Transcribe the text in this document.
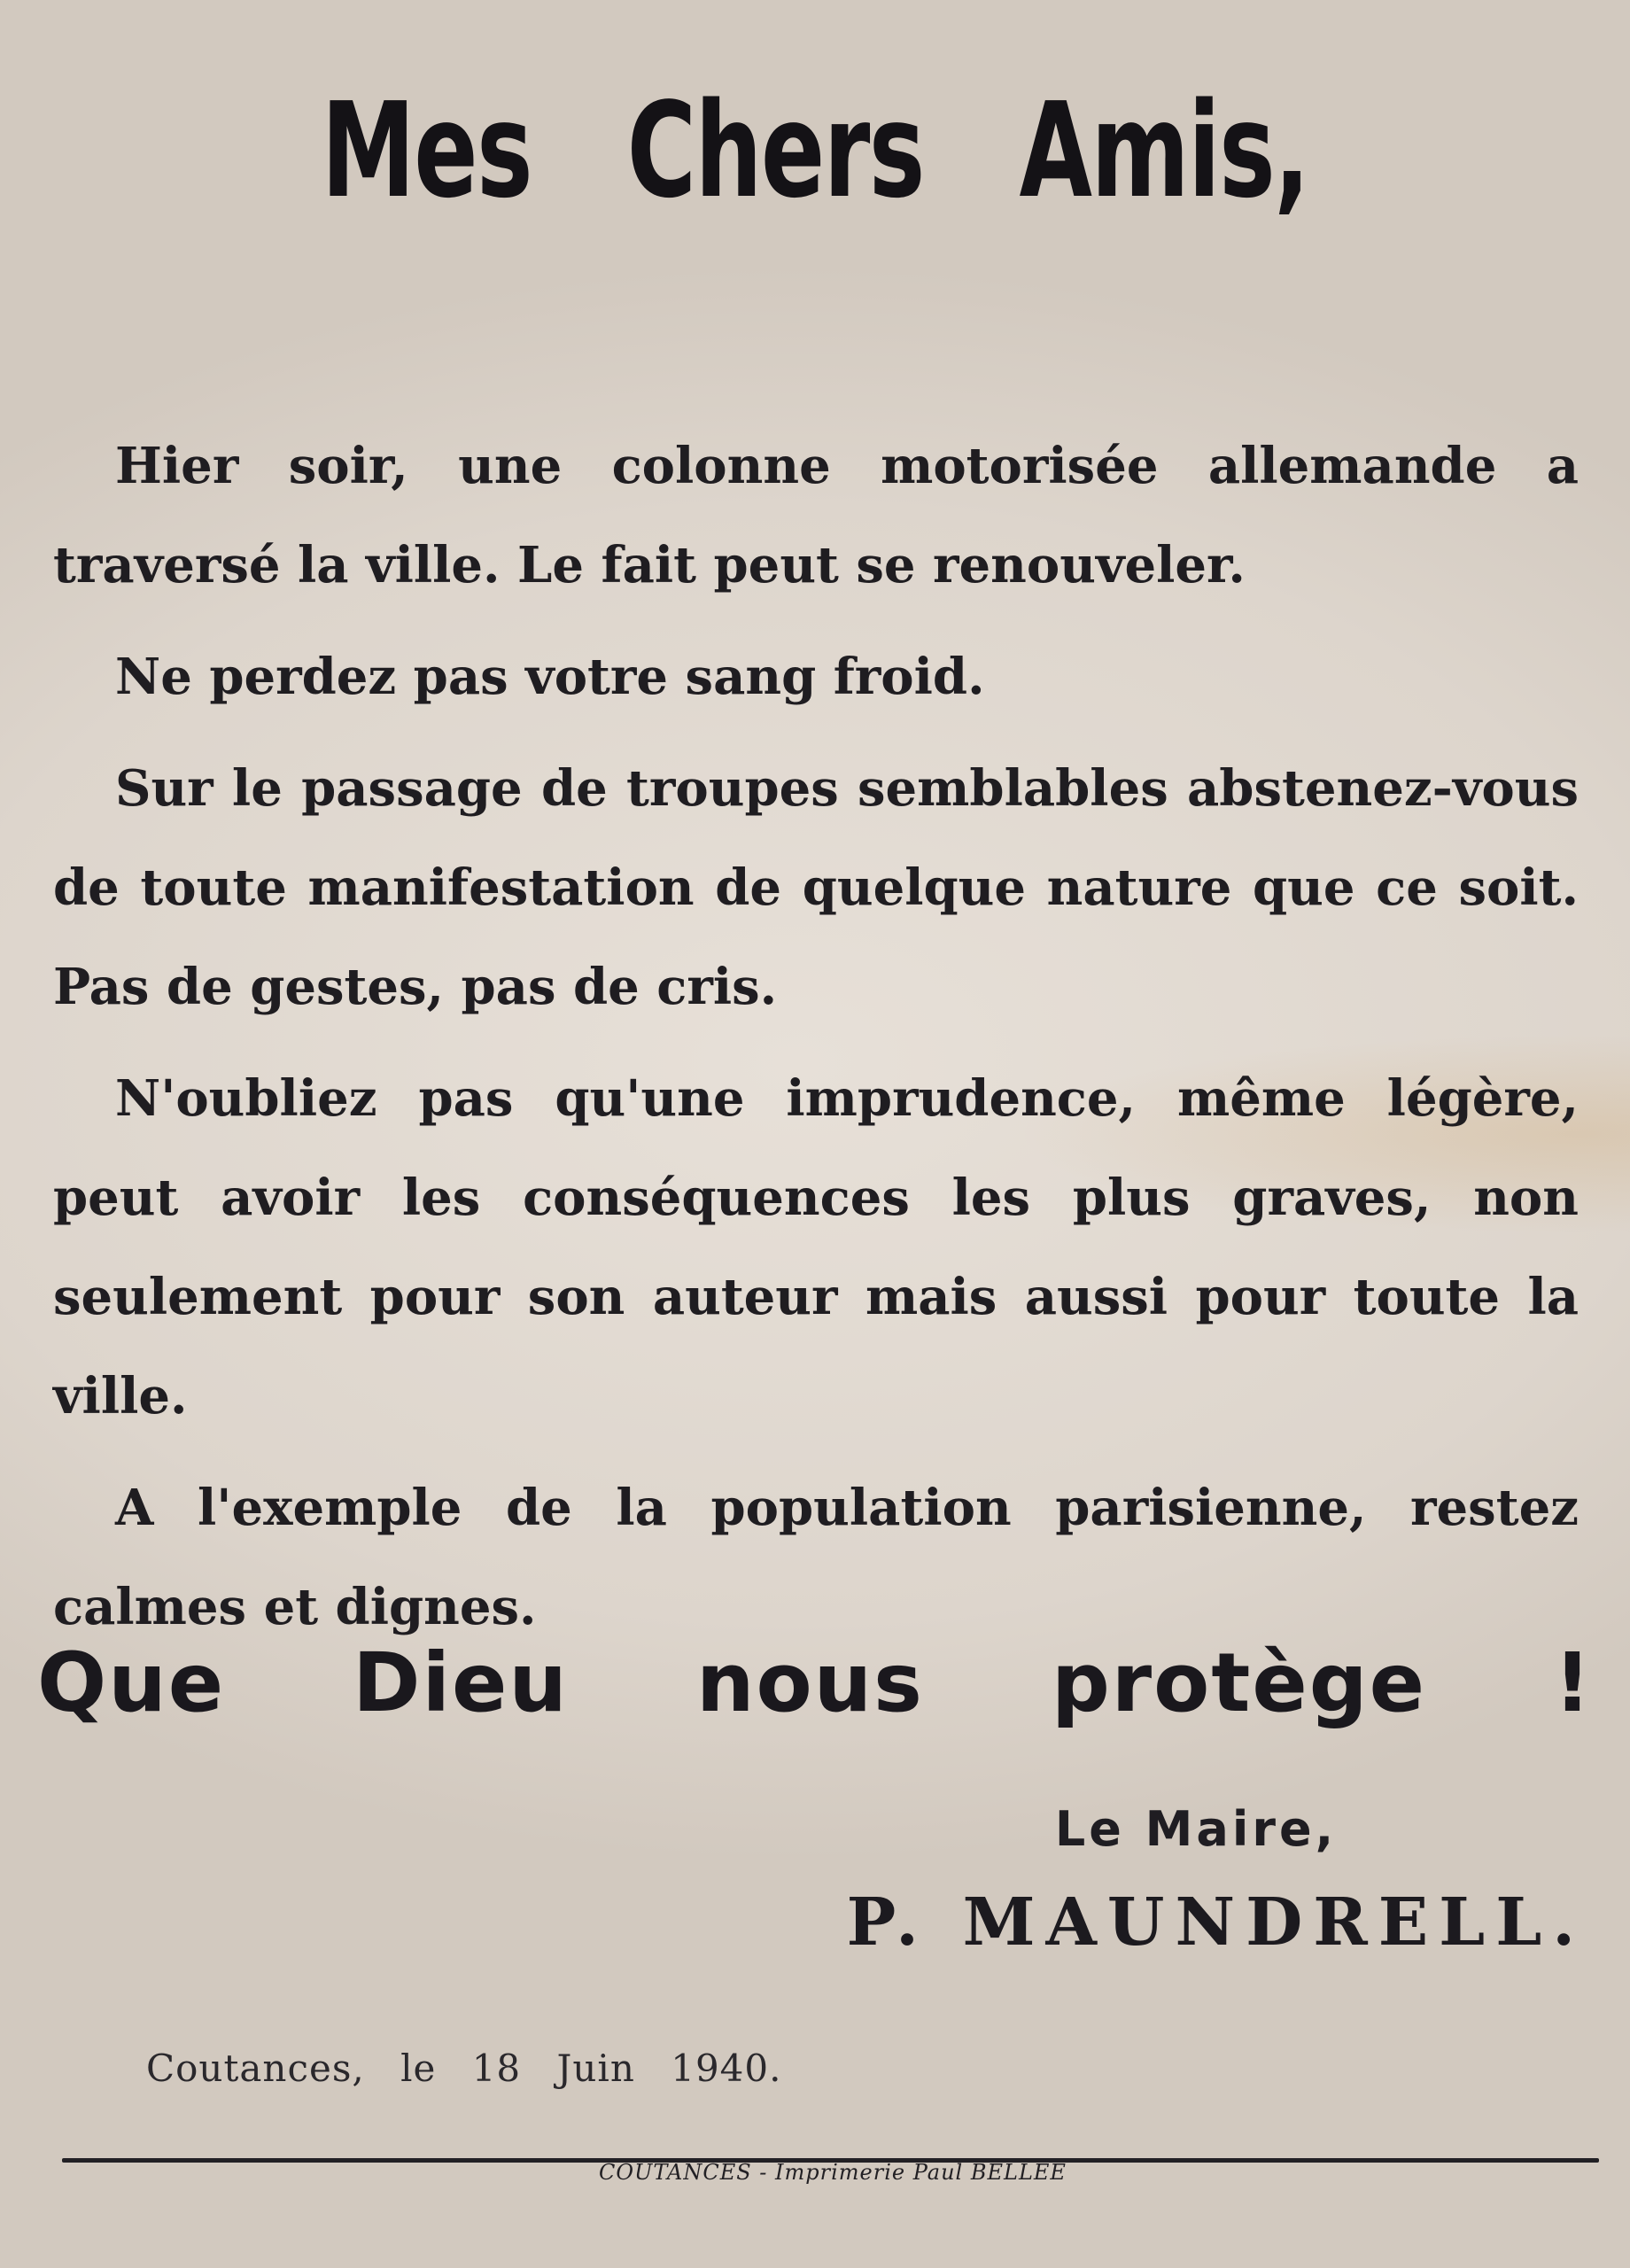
Mes Chers Amis,

Hier soir, une colonne motorisée allemande a traversé la ville. Le fait peut se renouveler.

Ne perdez pas votre sang froid.

Sur le passage de troupes semblables abstenez-vous de toute manifestation de quelque nature que ce soit. Pas de gestes, pas de cris.

N'oubliez pas qu'une imprudence, même légère, peut avoir les conséquences les plus graves, non seulement pour son auteur mais aussi pour toute la ville.

A l'exemple de la population parisienne, restez calmes et dignes.

Que Dieu nous protège !
Le Maire,
P. MAUNDRELL.
Coutances, le 18 Juin 1940.
COUTANCES - Imprimerie Paul BELLÉE
